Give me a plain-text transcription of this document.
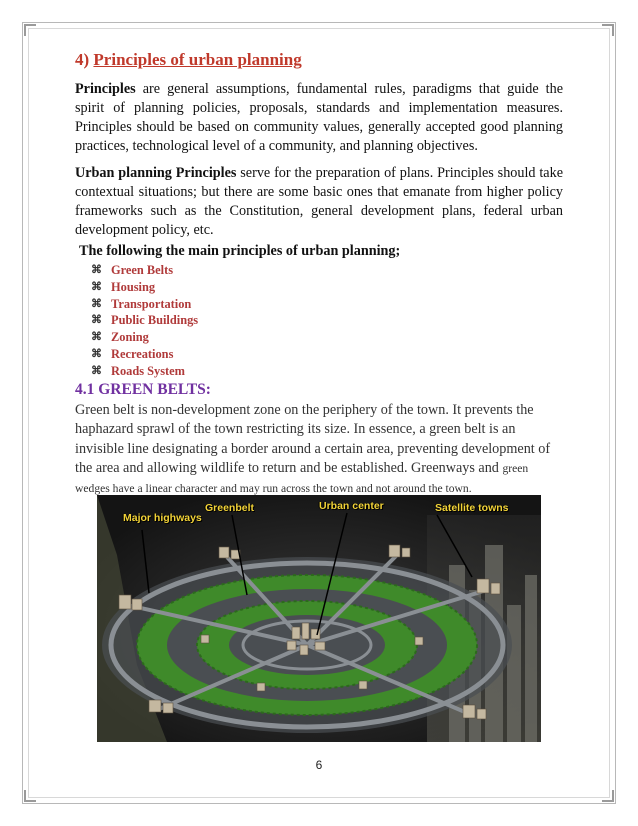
4) Principles of urban planning

Principles are general assumptions, fundamental rules, paradigms that guide the spirit of planning policies, proposals, standards and implementation measures. Principles should be based on community values, generally accepted good planning practices, technological level of a community, and planning objectives.

Urban planning Principles serve for the preparation of plans. Principles should take contextual situations; but there are some basic ones that emanate from higher policy frameworks such as the Constitution, general development plans, federal urban development policy, etc.

The following the main principles of urban planning;
⌘ Green Belts
⌘ Housing
⌘ Transportation
⌘ Public Buildings
⌘ Zoning
⌘ Recreations
⌘ Roads System
4.1 GREEN BELTS:

Green belt is non-development zone on the periphery of the town. It prevents the haphazard sprawl of the town restricting its size. In essence, a green belt is an invisible line designating a border around a certain area, preventing development of the area and allowing wildlife to return and be established. Greenways and green wedges have a linear character and may run across the town and not around the town.

Major highways
Greenbelt	Urban center	Satellite towns
6
